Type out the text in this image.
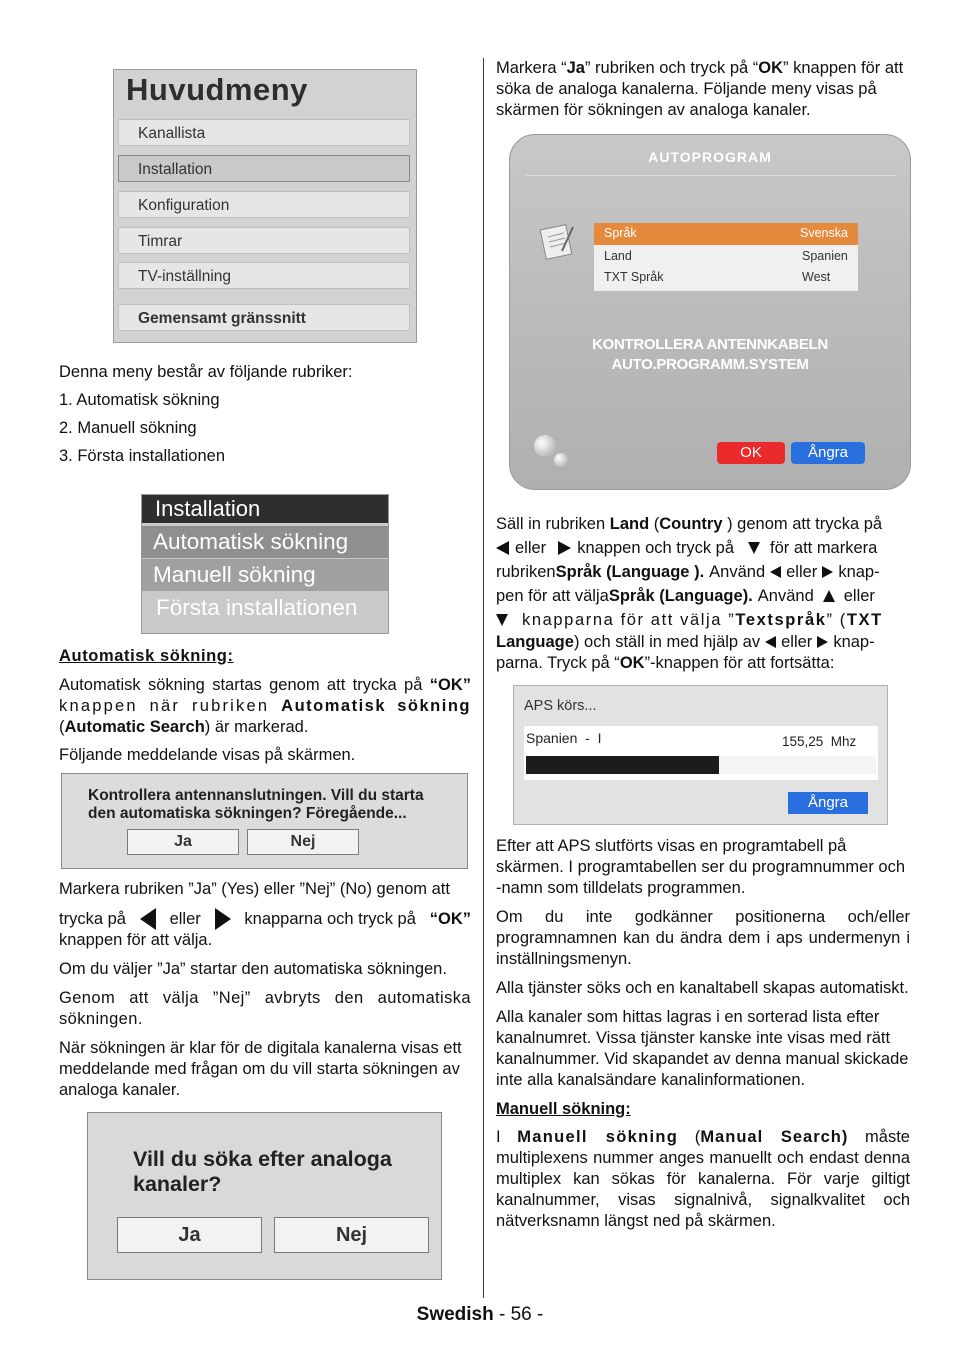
Huvudmeny
Kanallista
Installation
Konfiguration
Timrar
TV-inställning
Gemensamt gränssnitt

Denna meny består av följande rubriker:

1. Automatisk sökning

2. Manuell sökning

3. Första installationen

Installation
Automatisk sökning
Manuell sökning
Första installationen

Automatisk sökning:

Automatisk sökning startas genom att trycka på “OK” knappen när rubriken Automatisk sökning (Automatic Search) är markerad.

Följande meddelande visas på skärmen.

Kontrollera antennanslutningen. Vill du starta
den automatiska sökningen? Föregående...
Ja	Nej

Markera rubriken ”Ja” (Yes) eller ”Nej” (No) genom att

trycka på	eller	knapparna och tryck på “OK”

knappen för att välja.

Om du väljer ”Ja” startar den automatiska sökningen.

Genom att välja ”Nej” avbryts den automatiska sökningen.

När sökningen är klar för de digitala kanalerna visas ett meddelande med frågan om du vill starta sökningen av analoga kanaler.

Vill du söka efter analoga kanaler?
Ja	Nej

Markera “Ja” rubriken och tryck på “OK” knappen för att söka de analoga kanalerna. Följande meny visas på skärmen för sökningen av analoga kanaler.

AUTOPROGRAM
Språk	Svenska
Land	Spanien
TXT Språk	West
KONTROLLERA ANTENNKABELN
AUTO.PROGRAMM.SYSTEM
OK	Ångra
Säll in rubriken Land (Country ) genom att trycka på
eller knappen och tryck på för att markera
rubriken Språk (Language ). Använd eller knap-
pen för att välja Språk (Language). Använd eller
knapparna för att välja ” Textspråk ” ( TXT
Language ) och ställ in med hjälp av eller knap-
parna. Tryck på “OK”-knappen för att fortsätta:
APS körs...
Spanien  -  I	155,25  Mhz
Ångra

Efter att APS slutförts visas en programtabell på skärmen. I programtabellen ser du programnummer och -namn som tilldelats programmen.

Om du inte godkänner positionerna och/eller programnamnen kan du ändra dem i aps undermenyn i inställningsmenyn.

Alla tjänster söks och en kanaltabell skapas automatiskt.

Alla kanaler som hittas lagras i en sorterad lista efter kanalnumret. Vissa tjänster kanske inte visas med rätt kanalnummer. Vid skapandet av denna manual skickade inte alla kanalsändare kanalinformationen.

Manuell sökning:

I Manuell sökning (Manual Search) måste multiplexens nummer anges manuellt och endast denna multiplex kan sökas för kanalerna. För varje giltigt kanalnummer, visas signalnivå, signalkvalitet och nätverksnamn längst ned på skärmen.

Swedish - 56 -
